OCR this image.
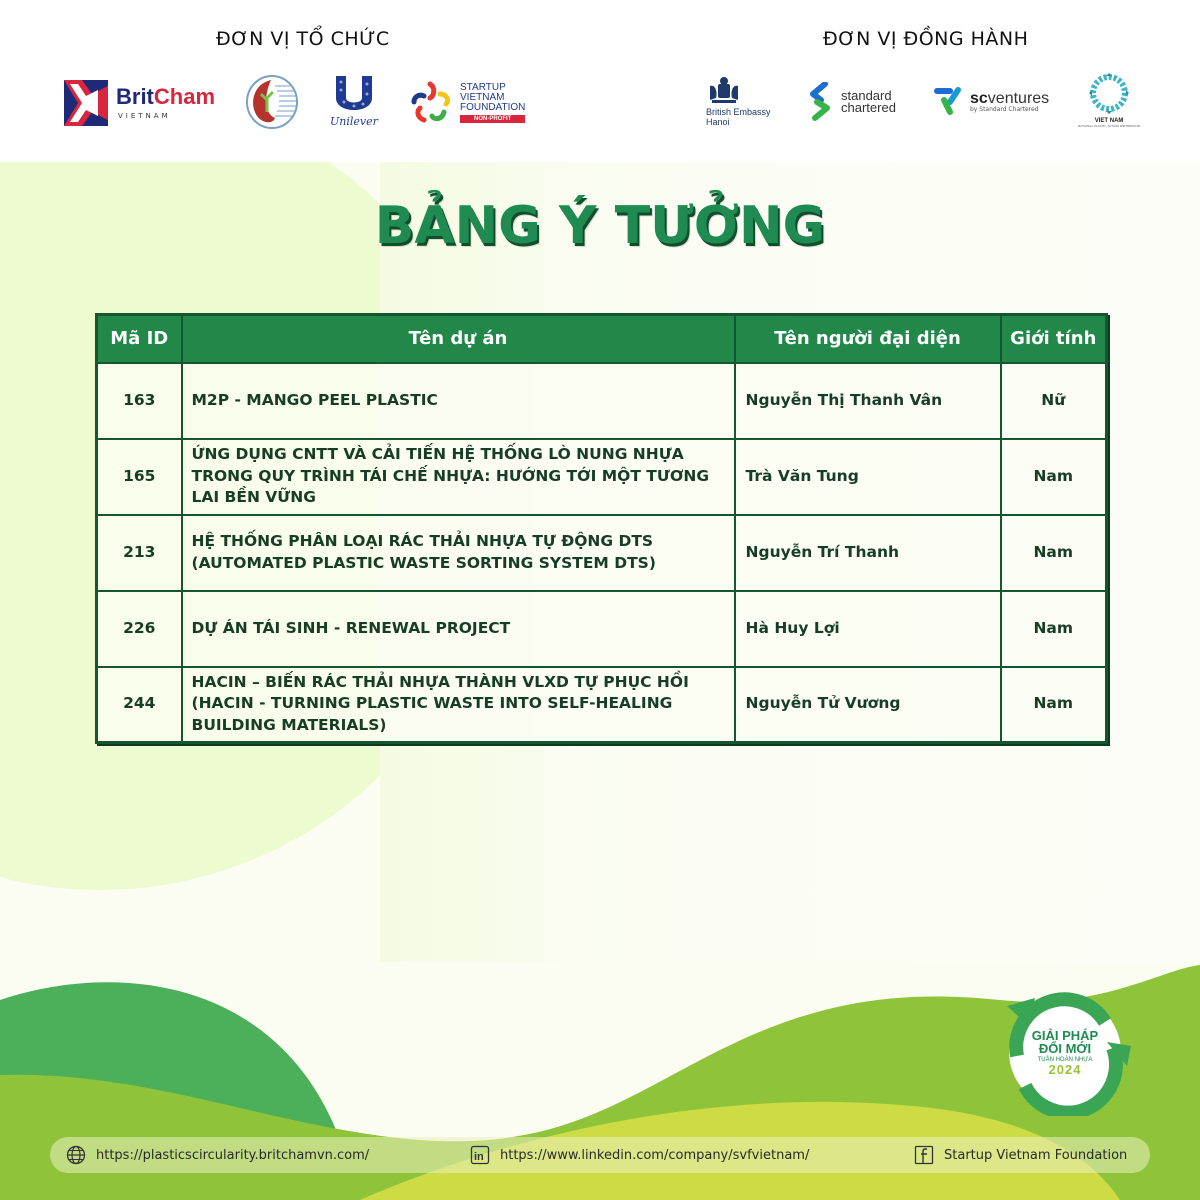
ĐƠN VỊ TỔ CHỨC	ĐƠN VỊ ĐỒNG HÀNH
BritCham
VIETNAM	Unilever
STARTUP
VIETNAM
FOUNDATION
NON-PROFIT
British Embassy
Hanoi
standard
chartered
scventures
by Standard Chartered
VIET NAM
NATIONAL PLASTIC ACTION PARTNERSHIP
BẢNG Ý TƯỞNG
Mã ID	Tên dự án	Tên người đại diện	Giới tính
163	M2P - MANGO PEEL PLASTIC	Nguyễn Thị Thanh Vân	Nữ
165	ỨNG DỤNG CNTT VÀ CẢI TIẾN HỆ THỐNG LÒ NUNG NHỰA TRONG QUY TRÌNH TÁI CHẾ NHỰA: HƯỚNG TỚI MỘT TƯƠNG LAI BỀN VỮNG	Trà Văn Tung	Nam
213	HỆ THỐNG PHÂN LOẠI RÁC THẢI NHỰA TỰ ĐỘNG DTS (AUTOMATED PLASTIC WASTE SORTING SYSTEM DTS)	Nguyễn Trí Thanh	Nam
226	DỰ ÁN TÁI SINH - RENEWAL PROJECT	Hà Huy Lợi	Nam
244	HACIN – BIẾN RÁC THẢI NHỰA THÀNH VLXD TỰ PHỤC HỒI (HACIN - TURNING PLASTIC WASTE INTO SELF-HEALING BUILDING MATERIALS)	Nguyễn Tử Vương	Nam
GIẢI PHÁP
ĐỔI MỚI
TUẦN HOÀN NHỰA
2024
https://plasticscircularity.britchamvn.com/	in https://www.linkedin.com/company/svfvietnam/	Startup Vietnam Foundation
